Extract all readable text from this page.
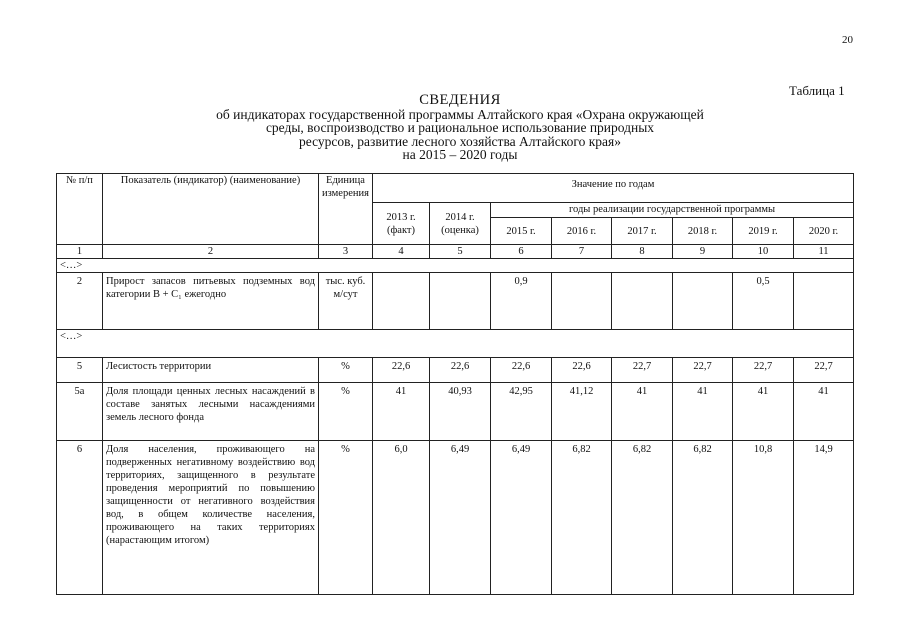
20
Таблица 1
СВЕДЕНИЯ
об индикаторах государственной программы Алтайского края «Охрана окружающей
среды, воспроизводство и рациональное использование природных
ресурсов, развитие лесного хозяйства Алтайского края»
на 2015 – 2020 годы
№ п/п	Показатель (индикатор) (наименование)	Единица измерения	Значение по годам							
			2013 г. (факт)	2014 г. (оценка)	годы реализации государственной программы					
					2015 г.	2016 г.	2017 г.	2018 г.	2019 г.	2020 г.
1	2	3	4	5	6	7	8	9	10	11
<…>										
2	Прирост запасов питьевых подземных вод категории В + С₁ ежегодно	тыс. куб. м/сут			0,9				0,5	
<…>										
5	Лесистость территории	%	22,6	22,6	22,6	22,6	22,7	22,7	22,7	22,7
5а	Доля площади ценных лесных насаждений в составе занятых лесными насаждениями земель лесного фонда	%	41	40,93	42,95	41,12	41	41	41	41
6	Доля населения, проживающего на подверженных негативному воздействию вод территориях, защищенного в результате проведения мероприятий по повышению защищенности от негативного воздействия вод, в общем количестве населения, проживающего на таких территориях (нарастающим итогом)	%	6,0	6,49	6,49	6,82	6,82	6,82	10,8	14,9
